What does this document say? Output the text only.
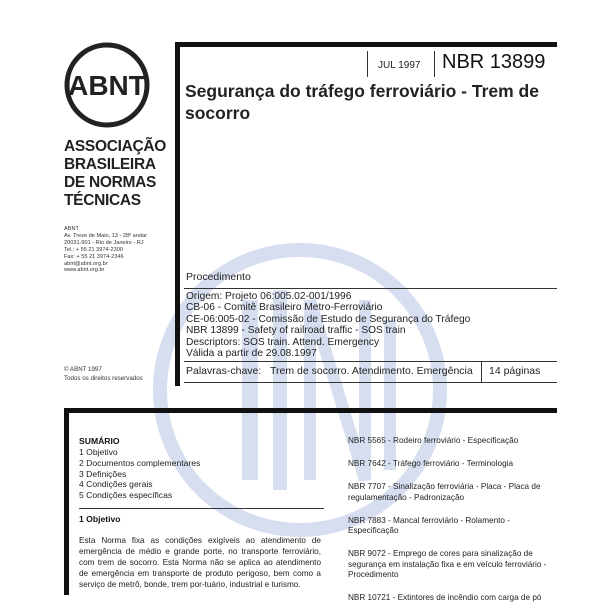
ABNT
ASSOCIAÇÃO
BRASILEIRA
DE NORMAS
TÉCNICAS
ABNT
Av. Treze de Maio, 13 - 28º andar
20031-901 - Rio de Janeiro - RJ
Tel.: + 55 21 3974-2300
Fax: + 55 21 3974-2346
abnt@abnt.org.br
www.abnt.org.br
© ABNT 1997
Todos os direitos reservados
JUL 1997 NBR 13899
Segurança do tráfego ferroviário - Trem de socorro
Procedimento
Origem: Projeto 06:005.02-001/1996
CB-06 - Comitê Brasileiro Metro-Ferroviário
CE-06:005-02 - Comissão de Estudo de Segurança do Tráfego
NBR 13899 - Safety of railroad traffic - SOS train
Descriptors: SOS train. Attend. Emergency
Válida a partir de 29.08.1997
Palavras-chave: Trem de socorro. Atendimento. Emergência 14 páginas
SUMÁRIO
1 Objetivo
2 Documentos complementares
3 Definições
4 Condições gerais
5 Condições específicas
1 Objetivo
Esta Norma fixa as condições exigíveis ao atendimento de emergência de médio e grande porte, no transporte ferroviário, com trem de socorro. Esta Norma não se aplica ao atendimento de emergência em transporte de produto perigoso, bem como a serviço de metrô, bonde, trem por-tuário, industrial e turismo.
NBR 5565 - Rodeiro ferroviário - Especificação
NBR 7642 - Tráfego ferroviário - Terminologia
NBR 7707 - Sinalização ferroviária - Placa - Placa de regulamentação - Padronização
NBR 7883 - Mancal ferroviário - Rolamento - Especificação
NBR 9072 - Emprego de cores para sinalização de segurança em instalação fixa e em veículo ferroviário - Procedimento
NBR 10721 - Extintores de incêndio com carga de pó
